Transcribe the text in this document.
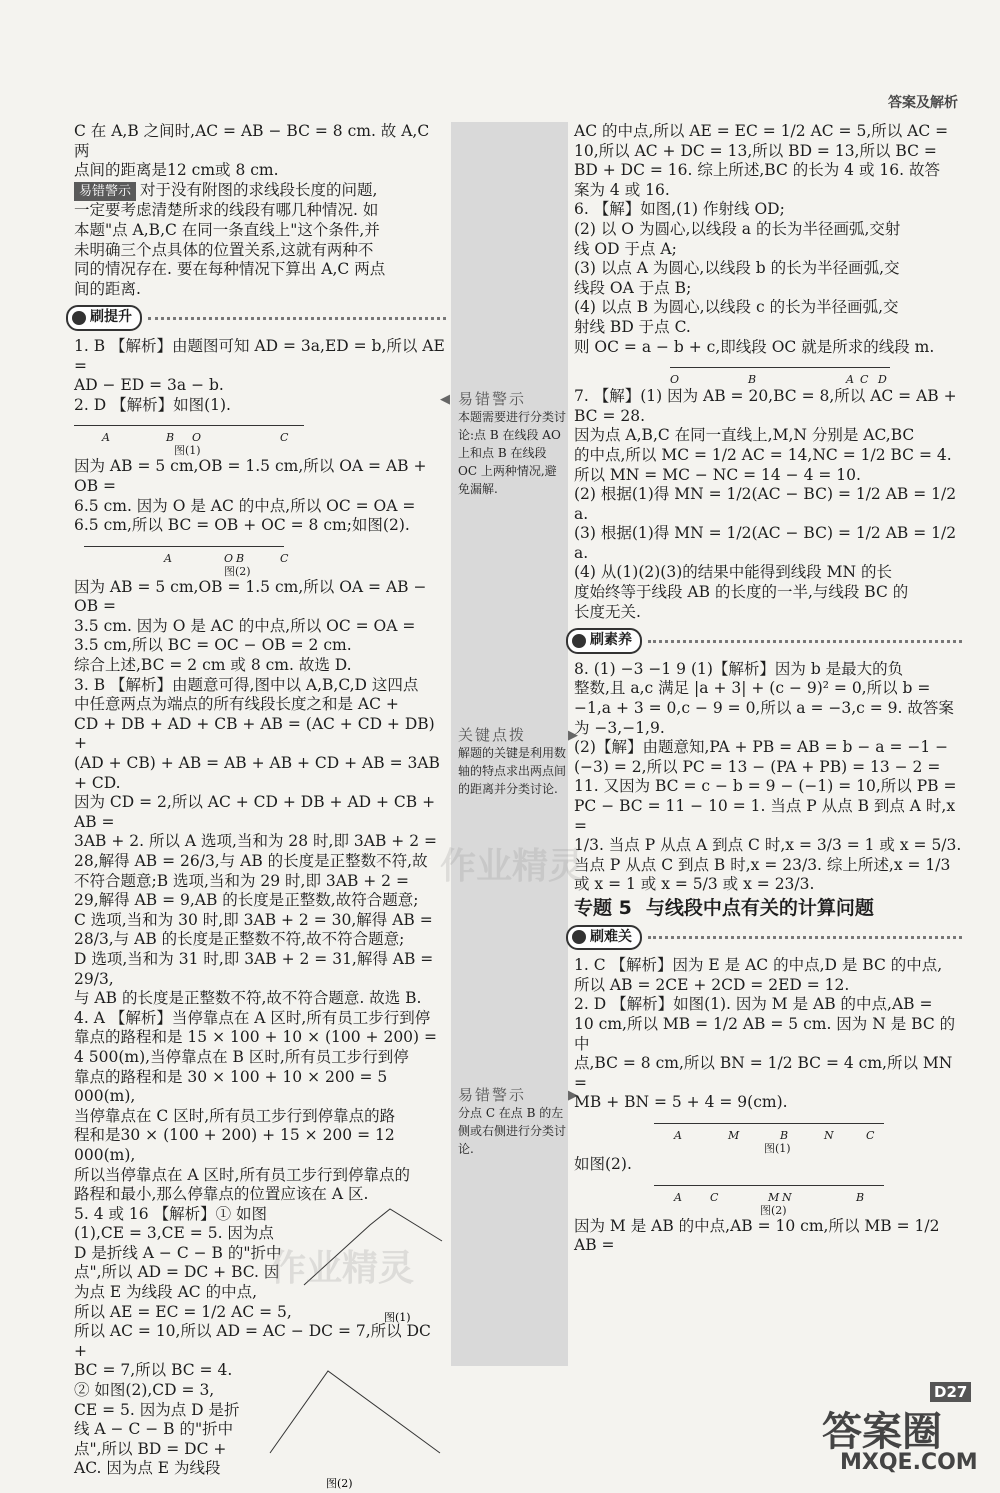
答案及解析
◀ 易错警示
本题需要进行分类讨论:点 B 在线段 AO 上和点 B 在线段 OC 上两种情况,避免漏解.
▶
关键点拨
解题的关键是利用数轴的特点求出两点间的距离并分类讨论.
▶
易错警示
分点 C 在点 B 的左侧或右侧进行分类讨论.

C 在 A,B 之间时,AC = AB − BC = 8 cm. 故 A,C 两

点间的距离是12 cm或 8 cm.

易错警示 对于没有附图的求线段长度的问题,

一定要考虑清楚所求的线段有哪几种情况. 如

本题"点 A,B,C 在同一条直线上"这个条件,并

未明确三个点具体的位置关系,这就有两种不

同的情况存在. 要在每种情况下算出 A,C 两点

间的距离.

刷提升

1. B 【解析】由题图可知 AD = 3a,ED = b,所以 AE =

AD − ED = 3a − b.

2. D 【解析】如图(1).

A	B O	C
图(1)

因为 AB = 5 cm,OB = 1.5 cm,所以 OA = AB + OB =

6.5 cm. 因为 O 是 AC 的中点,所以 OC = OA =

6.5 cm,所以 BC = OB + OC = 8 cm;如图(2).

A	O B	C
图(2)

因为 AB = 5 cm,OB = 1.5 cm,所以 OA = AB − OB =

3.5 cm. 因为 O 是 AC 的中点,所以 OC = OA =

3.5 cm,所以 BC = OC − OB = 2 cm.

综合上述,BC = 2 cm 或 8 cm. 故选 D.

3. B 【解析】由题意可得,图中以 A,B,C,D 这四点

中任意两点为端点的所有线段长度之和是 AC +

CD + DB + AD + CB + AB = (AC + CD + DB) +

(AD + CB) + AB = AB + AB + CD + AB = 3AB + CD.

因为 CD = 2,所以 AC + CD + DB + AD + CB + AB =

3AB + 2. 所以 A 选项,当和为 28 时,即 3AB + 2 =

28,解得 AB = 26/3,与 AB 的长度是正整数不符,故

不符合题意;B 选项,当和为 29 时,即 3AB + 2 =

29,解得 AB = 9,AB 的长度是正整数,故符合题意;

C 选项,当和为 30 时,即 3AB + 2 = 30,解得 AB =

28/3,与 AB 的长度是正整数不符,故不符合题意;

D 选项,当和为 31 时,即 3AB + 2 = 31,解得 AB = 29/3,

与 AB 的长度是正整数不符,故不符合题意. 故选 B.

4. A 【解析】当停靠点在 A 区时,所有员工步行到停

靠点的路程和是 15 × 100 + 10 × (100 + 200) =

4 500(m),当停靠点在 B 区时,所有员工步行到停

靠点的路程和是 30 × 100 + 10 × 200 = 5 000(m),

当停靠点在 C 区时,所有员工步行到停靠点的路

程和是30 × (100 + 200) + 15 × 200 = 12 000(m),

所以当停靠点在 A 区时,所有员工步行到停靠点的

路程和最小,那么停靠点的位置应该在 A 区.

5. 4 或 16 【解析】① 如图

(1),CE = 3,CE = 5. 因为点

D 是折线 A − C − B 的"折中

点",所以 AD = DC + BC. 因

为点 E 为线段 AC 的中点,

所以 AE = EC = 1/2 AC = 5,

所以 AC = 10,所以 AD = AC − DC = 7,所以 DC +

BC = 7,所以 BC = 4.

② 如图(2),CD = 3,

CE = 5. 因为点 D 是折

线 A − C − B 的"折中

点",所以 BD = DC +

AC. 因为点 E 为线段

图(1)
图(2)

AC 的中点,所以 AE = EC = 1/2 AC = 5,所以 AC =

10,所以 AC + DC = 13,所以 BD = 13,所以 BC =

BD + DC = 16. 综上所述,BC 的长为 4 或 16. 故答

案为 4 或 16.

6. 【解】如图,(1) 作射线 OD;

(2) 以 O 为圆心,以线段 a 的长为半径画弧,交射

线 OD 于点 A;

(3) 以点 A 为圆心,以线段 b 的长为半径画弧,交

线段 OA 于点 B;

(4) 以点 B 为圆心,以线段 c 的长为半径画弧,交

射线 BD 于点 C.

则 OC = a − b + c,即线段 OC 就是所求的线段 m.

O	B	A C D

7. 【解】(1) 因为 AB = 20,BC = 8,所以 AC = AB + BC = 28.

因为点 A,B,C 在同一直线上,M,N 分别是 AC,BC

的中点,所以 MC = 1/2 AC = 14,NC = 1/2 BC = 4.

所以 MN = MC − NC = 14 − 4 = 10.

(2) 根据(1)得 MN = 1/2(AC − BC) = 1/2 AB = 1/2 a.

(3) 根据(1)得 MN = 1/2(AC − BC) = 1/2 AB = 1/2 a.

(4) 从(1)(2)(3)的结果中能得到线段 MN 的长

度始终等于线段 AB 的长度的一半,与线段 BC 的

长度无关.

刷素养

8. (1) −3 −1 9 (1)【解析】因为 b 是最大的负

整数,且 a,c 满足 |a + 3| + (c − 9)² = 0,所以 b =

−1,a + 3 = 0,c − 9 = 0,所以 a = −3,c = 9. 故答案

为 −3,−1,9.

(2)【解】由题意知,PA + PB = AB = b − a = −1 −

(−3) = 2,所以 PC = 13 − (PA + PB) = 13 − 2 =

11. 又因为 BC = c − b = 9 − (−1) = 10,所以 PB =

PC − BC = 11 − 10 = 1. 当点 P 从点 B 到点 A 时,x =

1/3. 当点 P 从点 A 到点 C 时,x = 3/3 = 1 或 x = 5/3.

当点 P 从点 C 到点 B 时,x = 23/3. 综上所述,x = 1/3

或 x = 1 或 x = 5/3 或 x = 23/3.

专题 5 与线段中点有关的计算问题
刷难关

1. C 【解析】因为 E 是 AC 的中点,D 是 BC 的中点,

所以 AB = 2CE + 2CD = 2ED = 12.

2. D 【解析】如图(1). 因为 M 是 AB 的中点,AB =

10 cm,所以 MB = 1/2 AB = 5 cm. 因为 N 是 BC 的中

点,BC = 8 cm,所以 BN = 1/2 BC = 4 cm,所以 MN =

MB + BN = 5 + 4 = 9(cm).

A	M	B	N	C
图(1)

如图(2).

A	C	M N	B
图(2)

因为 M 是 AB 的中点,AB = 10 cm,所以 MB = 1/2 AB =

作业精灵
作业精灵
D27
答案圈
MXQE.COM
